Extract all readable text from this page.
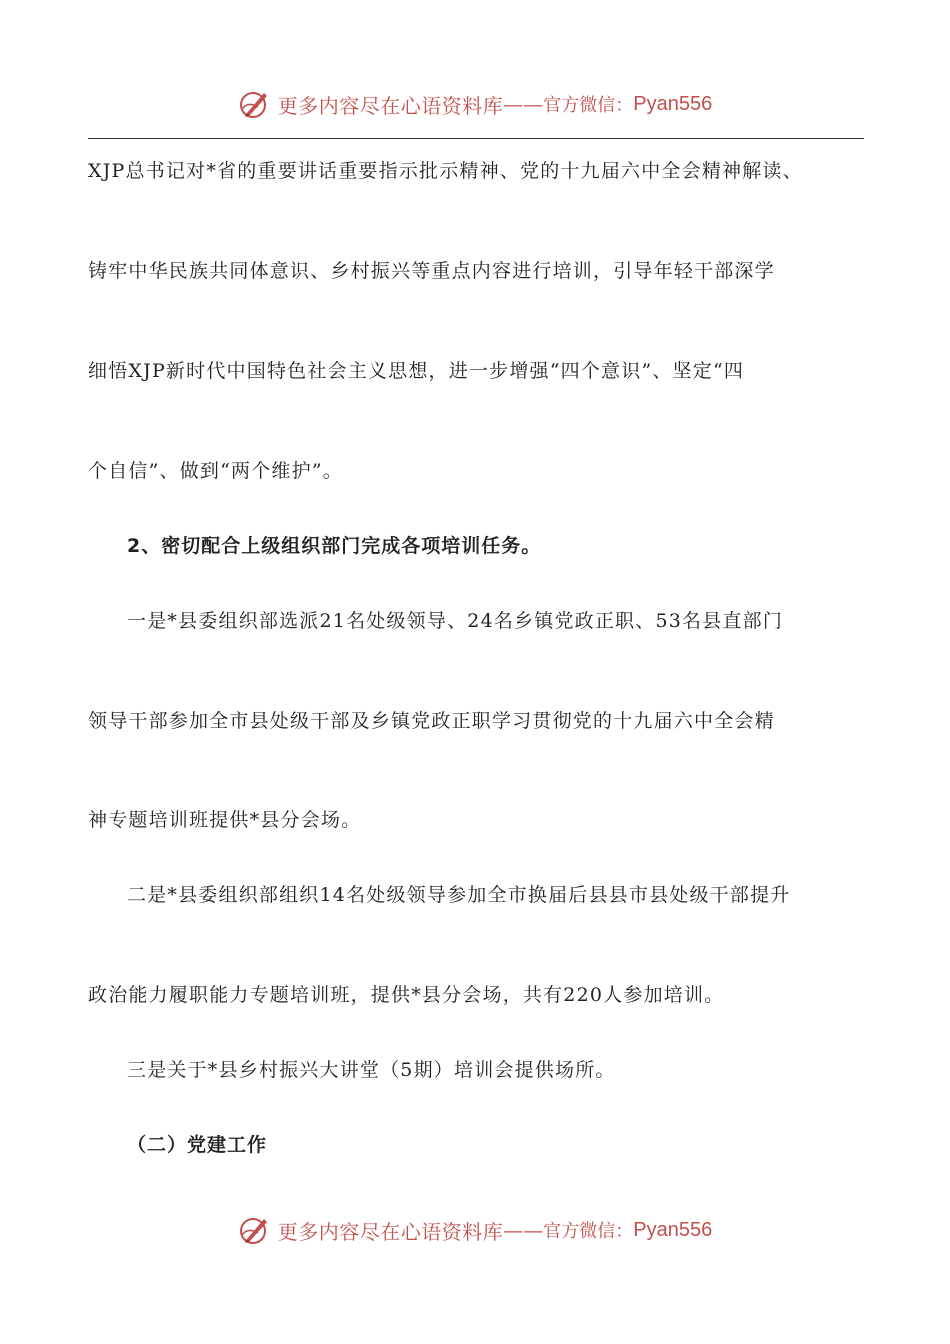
更多内容尽在心语资料库 —— 官方微信： Pyan556
XJP总书记对*省的重要讲话重要指示批示精神、党的十九届六中全会精神解读、
铸牢中华民族共同体意识、乡村振兴等重点内容进行培训，引导年轻干部深学
细悟XJP新时代中国特色社会主义思想，进一步增强“四个意识”、坚定“四
个自信”、做到“两个维护”。
2、密切配合上级组织部门完成各项培训任务。
一是*县委组织部选派21名处级领导、24名乡镇党政正职、53名县直部门
领导干部参加全市县处级干部及乡镇党政正职学习贯彻党的十九届六中全会精
神专题培训班提供*县分会场。
二是*县委组织部组织14名处级领导参加全市换届后县县市县处级干部提升
政治能力履职能力专题培训班，提供*县分会场，共有220人参加培训。
三是关于*县乡村振兴大讲堂（5期）培训会提供场所。
（二）党建工作
更多内容尽在心语资料库 —— 官方微信： Pyan556
